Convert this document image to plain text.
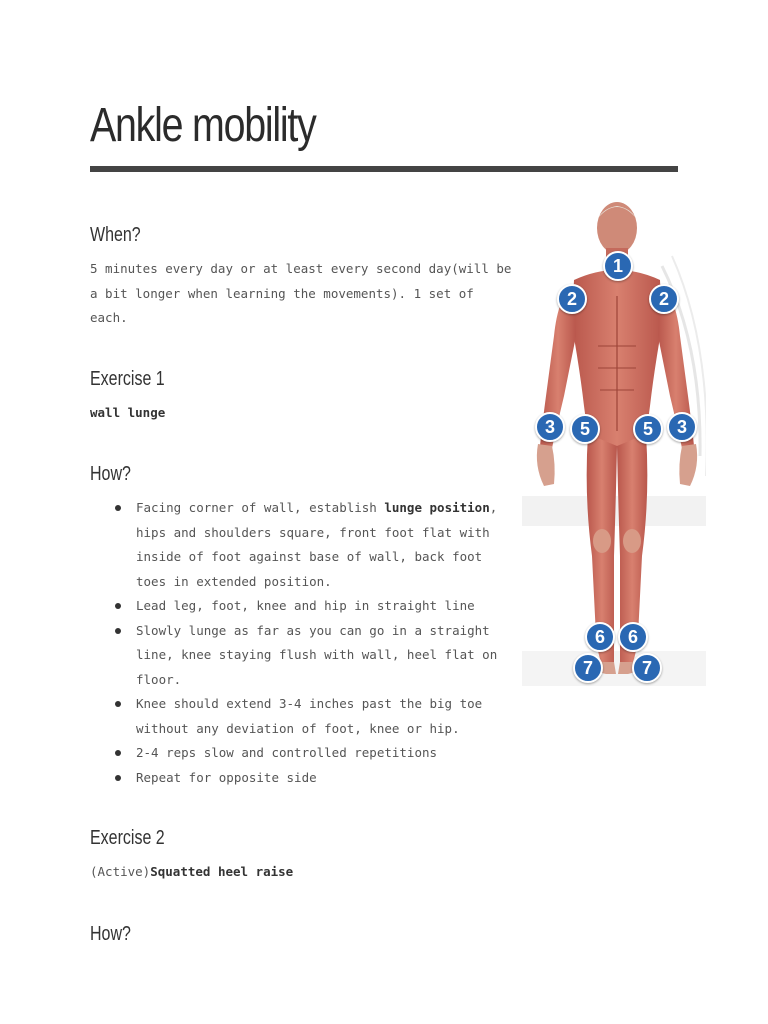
Ankle mobility
When?

5 minutes every day or at least every second day(will be a bit longer when learning the movements). 1 set of each.

Exercise 1

wall lunge

How?
Facing corner of wall, establish lunge position, hips and shoulders square, front foot flat with inside of foot against base of wall, back foot toes in extended position.
Lead leg, foot, knee and hip in straight line
Slowly lunge as far as you can go in a straight line, knee staying flush with wall, heel flat on floor.
Knee should extend 3-4 inches past the big toe without any deviation of foot, knee or hip.
2-4 reps slow and controlled repetitions
Repeat for opposite side
Exercise 2

(Active)Squatted heel raise

How?
1
2	2
3	5	5	3
6	6
7	7
